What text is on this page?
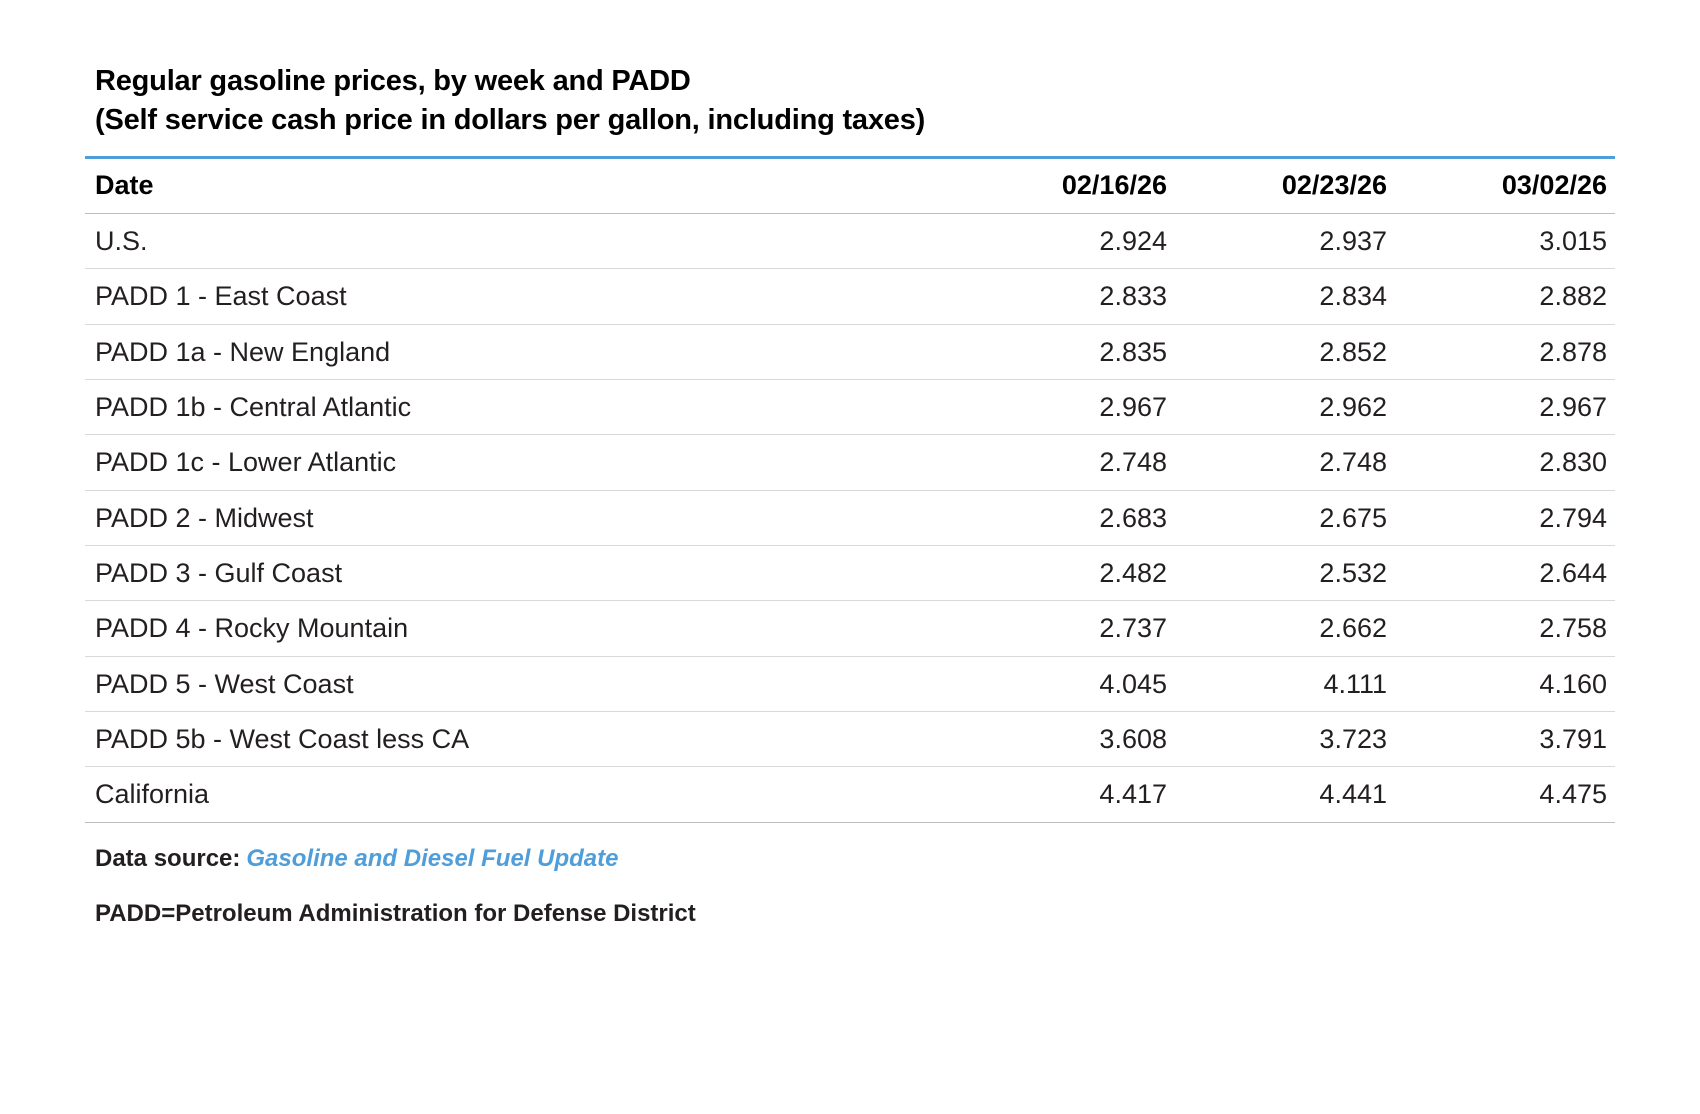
Regular gasoline prices, by week and PADD
(Self service cash price in dollars per gallon, including taxes)
Date	02/16/26	02/23/26	03/02/26
U.S.	2.924	2.937	3.015
PADD 1 - East Coast	2.833	2.834	2.882
PADD 1a - New England	2.835	2.852	2.878
PADD 1b - Central Atlantic	2.967	2.962	2.967
PADD 1c - Lower Atlantic	2.748	2.748	2.830
PADD 2 - Midwest	2.683	2.675	2.794
PADD 3 - Gulf Coast	2.482	2.532	2.644
PADD 4 - Rocky Mountain	2.737	2.662	2.758
PADD 5 - West Coast	4.045	4.111	4.160
PADD 5b - West Coast less CA	3.608	3.723	3.791
California	4.417	4.441	4.475
Data source: Gasoline and Diesel Fuel Update
PADD=Petroleum Administration for Defense District
